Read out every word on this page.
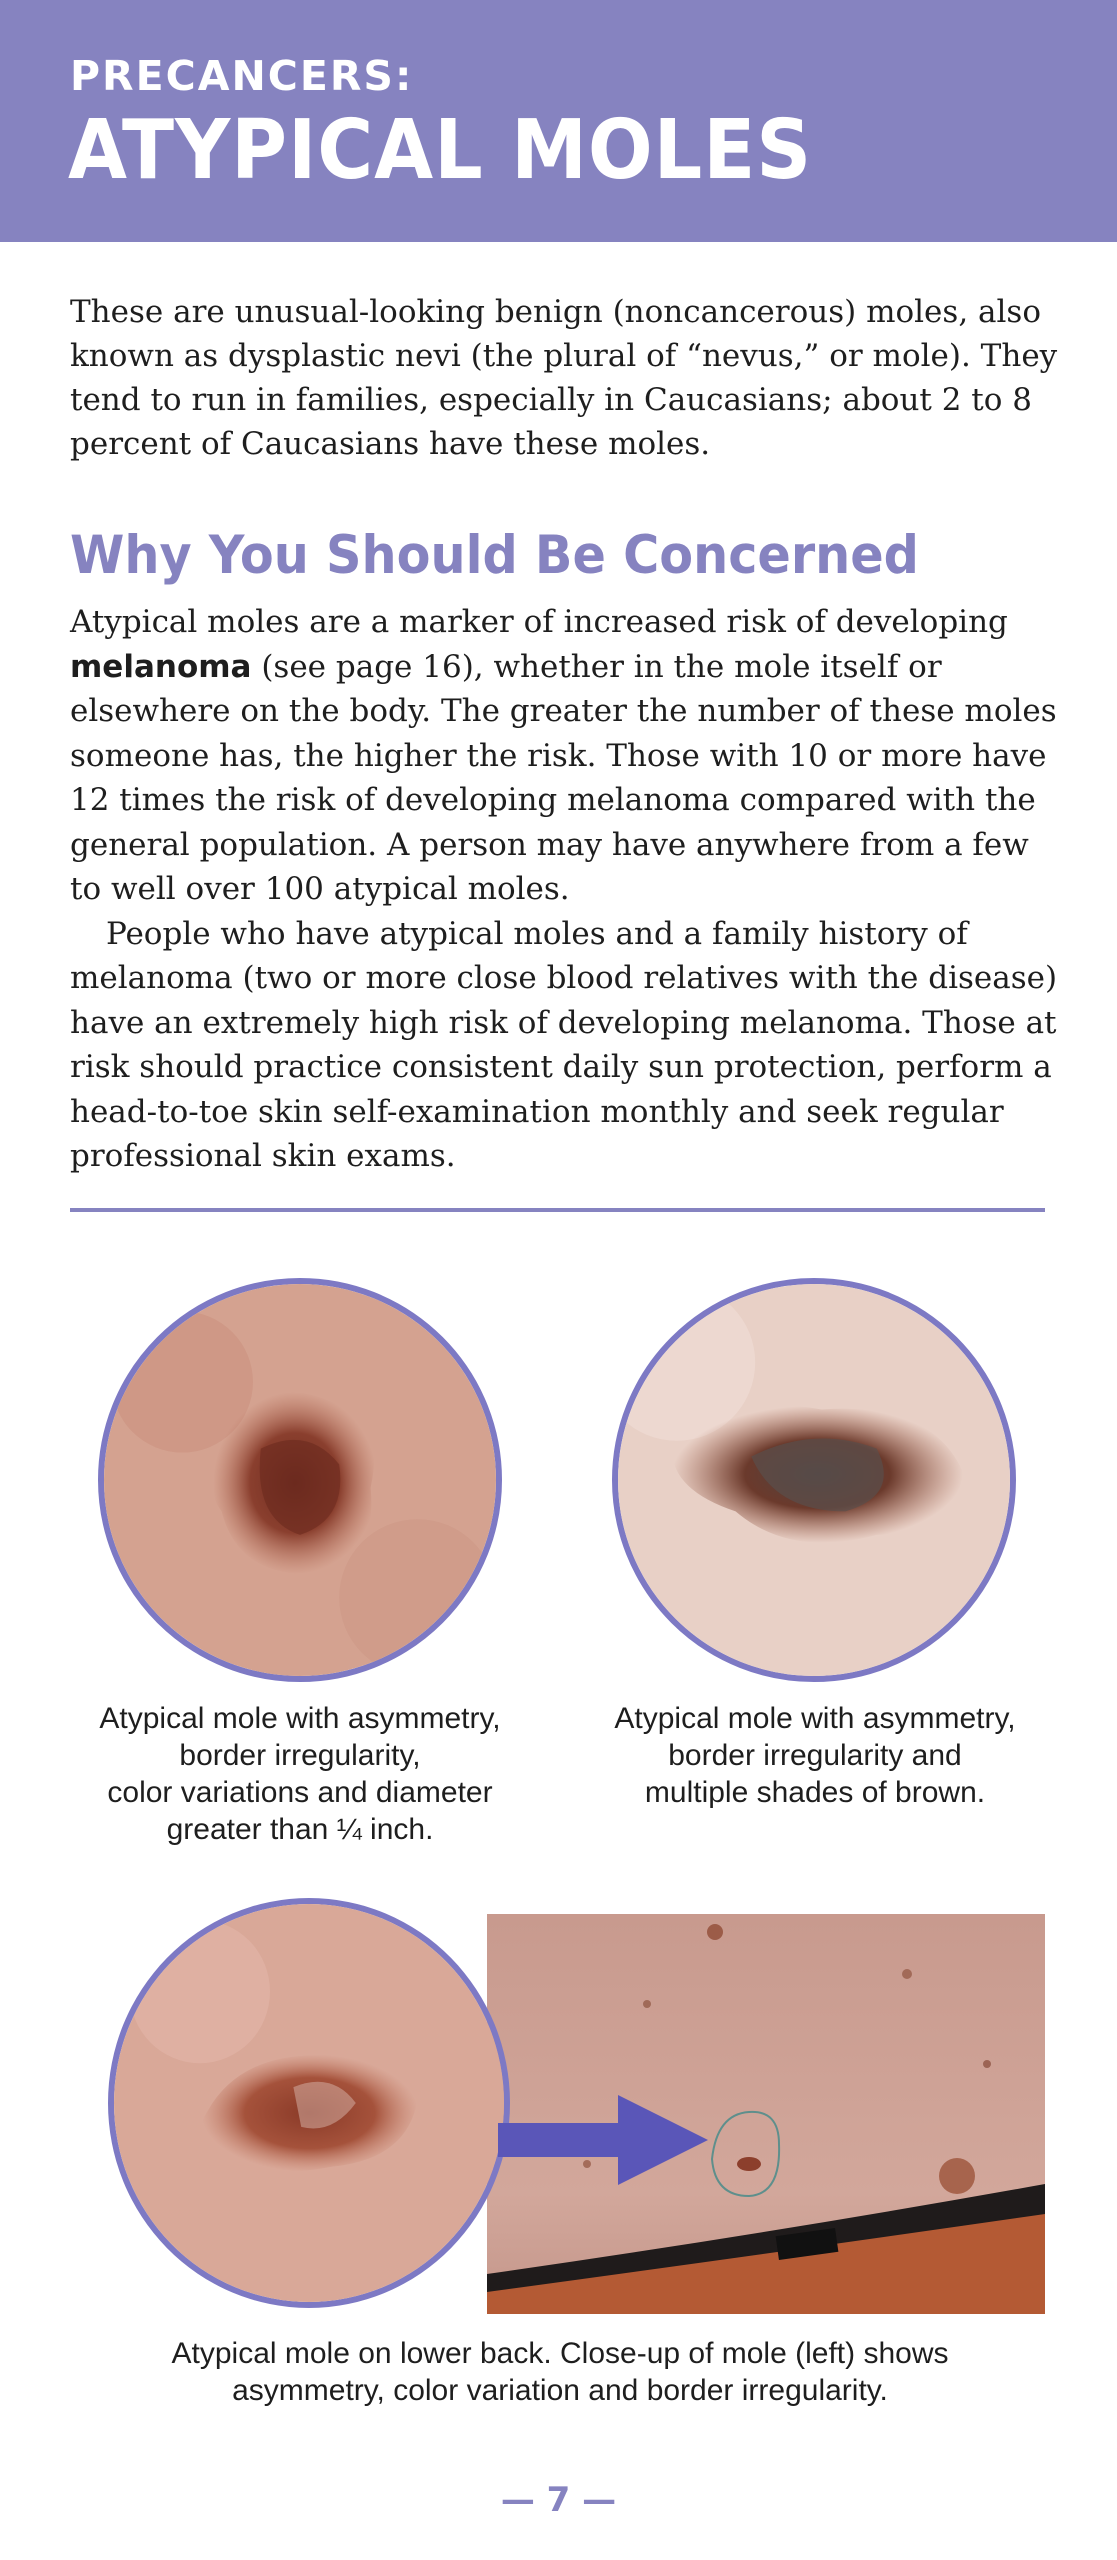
PRECANCERS:
ATYPICAL MOLES

These are unusual-looking benign (noncancerous) moles, also known as dysplastic nevi (the plural of “nevus,” or mole). They tend to run in families, especially in Caucasians; about 2 to 8 percent of Caucasians have these moles.

Why You Should Be Concerned

Atypical moles are a marker of increased risk of developing melanoma (see page 16), whether in the mole itself or elsewhere on the body. The greater the number of these moles someone has, the higher the risk. Those with 10 or more have 12 times the risk of developing melanoma compared with the general population. A person may have anywhere from a few to well over 100 atypical moles.

People who have atypical moles and a family history of melanoma (two or more close blood relatives with the disease) have an extremely high risk of developing melanoma. Those at risk should practice consistent daily sun protection, perform a head-to-toe skin self-examination monthly and seek regular professional skin exams.

Atypical mole with asymmetry,
border irregularity,
color variations and diameter
greater than ¼ inch.

Atypical mole with asymmetry,
border irregularity and
multiple shades of brown.

Atypical mole on lower back. Close-up of mole (left) shows
asymmetry, color variation and border irregularity.

— 7 —
